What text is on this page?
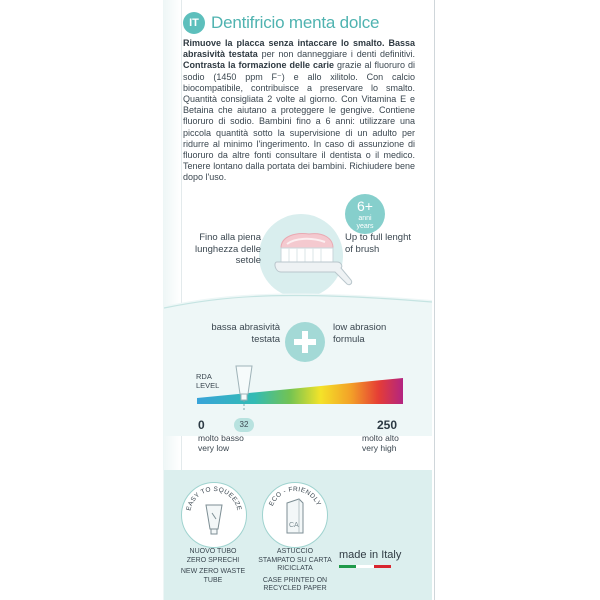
IT Dentifricio menta dolce
Rimuove la placca senza intaccare lo smalto. Bassa abrasività testata per non danneggiare i denti definitivi. Contrasta la formazione delle carie grazie al fluoruro di sodio (1450 ppm F⁻) e allo xilitolo. Con calcio biocompatibile, contribuisce a preservare lo smalto. Quantità consigliata 2 volte al giorno. Con Vitamina E e Betaina che aiutano a proteggere le gengive. Contiene fluoruro di sodio. Bambini fino a 6 anni: utilizzare una piccola quantità sotto la supervisione di un adulto per ridurre al minimo l'ingerimento. In caso di assunzione di fluoruro da altre fonti consultare il dentista o il medico. Tenere lontano dalla portata dei bambini. Richiudere bene dopo l'uso.
6+
anni
years
Fino alla piena lunghezza delle setole
Up to full lenght of brush
bassa abrasività testata
low abrasion formula
RDA
LEVEL
32
0	250
molto basso
very low
molto alto
very high
EASY TO SQUEEZE
NUOVO TUBO ZERO SPRECHI
NEW ZERO WASTE TUBE
ECO - FRIENDLY
CA
ASTUCCIO STAMPATO SU CARTA RICICLATA
CASE PRINTED ON RECYCLED PAPER
made in Italy
